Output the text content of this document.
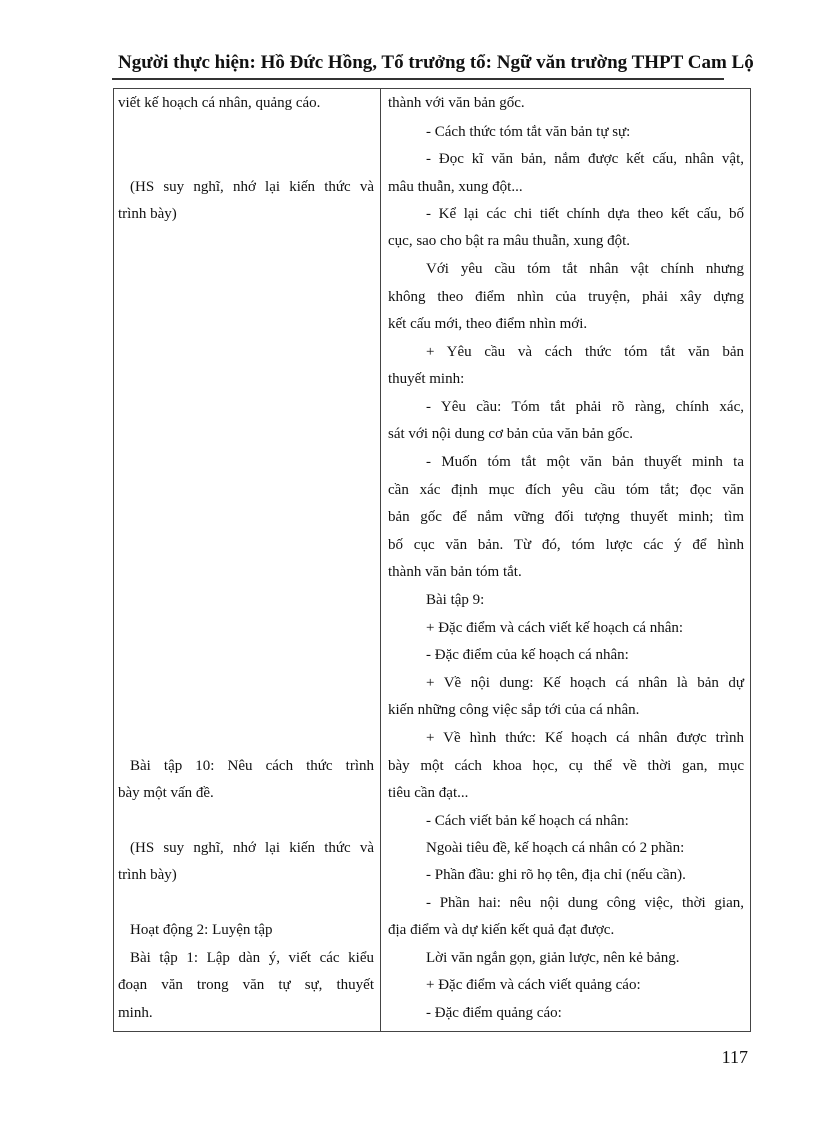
Người thực hiện: Hồ Đức Hồng, Tổ trưởng tổ: Ngữ văn trường THPT Cam Lộ
viết kế hoạch cá nhân, quảng cáo.
(HS suy nghĩ, nhớ lại kiến thức và
trình bày)
Bài tập 10: Nêu cách thức trình
bày một vấn đề.
(HS suy nghĩ, nhớ lại kiến thức và
trình bày)
Hoạt động 2: Luyện tập
Bài tập 1: Lập dàn ý, viết các kiểu
đoạn văn trong văn tự sự, thuyết
minh.
thành với văn bản gốc.
- Cách thức tóm tắt văn bản tự sự:
- Đọc kĩ văn bản, nắm được kết cấu, nhân vật,
mâu thuẫn, xung đột...
- Kể lại các chi tiết chính dựa theo kết cấu, bố
cục, sao cho bật ra mâu thuẫn, xung đột.
Với yêu cầu tóm tắt nhân vật chính nhưng
không theo điểm nhìn của truyện, phải xây dựng
kết cấu mới, theo điểm nhìn mới.
+ Yêu cầu và cách thức tóm tắt văn bản
thuyết minh:
- Yêu cầu: Tóm tắt phải rõ ràng, chính xác,
sát với nội dung cơ bản của văn bản gốc.
- Muốn tóm tắt một văn bản thuyết minh ta
cần xác định mục đích yêu cầu tóm tắt; đọc văn
bản gốc để nắm vững đối tượng thuyết minh; tìm
bố cục văn bản. Từ đó, tóm lược các ý để hình
thành văn bản tóm tắt.
Bài tập 9:
+ Đặc điểm và cách viết kế hoạch cá nhân:
- Đặc điểm của kế hoạch cá nhân:
+ Về nội dung: Kế hoạch cá nhân là bản dự
kiến những công việc sắp tới của cá nhân.
+ Về hình thức: Kế hoạch cá nhân được trình
bày một cách khoa học, cụ thể về thời gan, mục
tiêu cần đạt...
- Cách viết bản kế hoạch cá nhân:
Ngoài tiêu đề, kế hoạch cá nhân có 2 phần:
- Phần đầu: ghi rõ họ tên, địa chỉ (nếu cần).
- Phần hai: nêu nội dung công việc, thời gian,
địa điểm và dự kiến kết quả đạt được.
Lời văn ngắn gọn, giản lược, nên kẻ bảng.
+ Đặc điểm và cách viết quảng cáo:
- Đặc điểm quảng cáo:
117
